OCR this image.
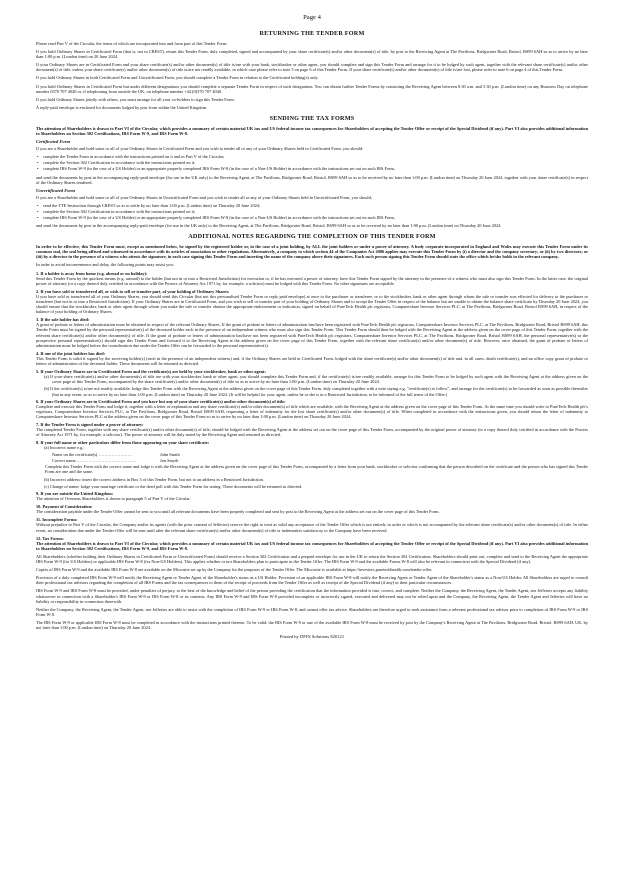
Page 4
RETURNING THE TENDER FORM

Please read Part V of the Circular, the terms of which are incorporated into and form part of this Tender Form.

If you hold Ordinary Shares in Certificated Form (that is, not in CREST), return this Tender Form, duly completed, signed and accompanied by your share certificate(s) and/or other document(s) of title, by post to the Receiving Agent at The Pavilions, Bridgwater Road, Bristol, BS99 6AH so as to arrive by no later than 1:00 p.m. (London time) on 20 June 2024.

If your Ordinary Shares are in Certificated Form and your share certificate(s) and/or other document(s) of title is/are with your bank, stockbroker or other agent, you should complete and sign this Tender Form and arrange for it to be lodged by such agent, together with the relevant share certificate(s) and/or other document(s) of title, unless your share certificate(s) and/or other document(s) of title is/are not readily available, in which case please refer to note 5 on page 6 of this Tender Form. If your share certificate(s) and/or other document(s) of title is/are lost, please refer to note 6 on page 4 of this Tender Form.

If you hold Ordinary Shares in both Certificated Form and Uncertificated Form, you should complete a Tender Form in relation to the Certificated holding(s) only.

If you hold Ordinary Shares in Certificated Form but under different designations you should complete a separate Tender Form in respect of each designation. You can obtain further Tender Forms by contacting the Receiving Agent between 8.30 a.m. and 5.30 p.m. (London time) on any Business Day on telephone number 0370 707 4040 or, if telephoning from outside the UK, on telephone number +44 (0)370 707 4040.

If you hold Ordinary Shares jointly with others, you must arrange for all your co-holders to sign this Tender Form.

A reply-paid envelope is enclosed for documents lodged by post from within the United Kingdom.

SENDING THE TAX FORMS

The attention of Shareholders is drawn to Part VI of the Circular, which provides a summary of certain material UK tax and US federal income tax consequences for Shareholders of accepting the Tender Offer or receipt of the Special Dividend (if any). Part VI also provides additional information to Shareholders on Section 302 Certifications, IRS Form W-9, and IRS Form W-8.

Certificated Form

If you are a Shareholder and hold some or all of your Ordinary Shares in Certificated Form and you wish to tender all or any of your Ordinary Shares held in Certificated Form, you should:

• complete the Tender Form in accordance with the instructions printed on it and in Part V of the Circular;
• complete the Section 302 Certification in accordance with the instructions printed on it;
• complete IRS Form W-9 (in the case of a US Holder) or an appropriate properly completed IRS Form W-8 (in the case of a Non-US Holder) in accordance with the instructions set out on such IRS Form,

and send the documents by post in the accompanying reply-paid envelope (for use in the UK only) to the Receiving Agent, at The Pavilions, Bridgwater Road, Bristol, BS99 6AH so as to be received by no later than 1:00 p.m. (London time) on Thursday 20 June 2024, together with your share certificate(s) in respect of the Ordinary Shares tendered.

Uncertificated Form

If you are a Shareholder and hold some or all of your Ordinary Shares in Uncertificated Form and you wish to tender all or any of your Ordinary Shares held in Uncertificated Form, you should;

• send the TTE Instruction through CREST so as to settle by no later than 1:00 p.m. (London time) on Thursday 20 June 2024;
• complete the Section 302 Certification in accordance with the instructions printed on it;
• complete IRS Form W-9 (in the case of a US Holder) or an appropriate properly completed IRS Form W-8 (in the case of a Non-US Holder) in accordance with the instructions set out on such IRS Form,

and send the documents by post in the accompanying reply-paid envelope (for use in the UK only) to the Receiving Agent, at The Pavilions, Bridgwater Road, Bristol, BS99 6AH so as to be received by no later than 1:00 p.m. (London time) on Thursday 20 June 2024.

ADDITIONAL NOTES REGARDING THE COMPLETION OF THIS TENDER FORM

In order to be effective, this Tender Form must, except as mentioned below, be signed by the registered holder or, in the case of a joint holding, by ALL the joint holders or under a power of attorney. A body corporate incorporated in England and Wales may execute this Tender Form under its common seal, the seal being affixed and witnessed in accordance with its articles of association or other regulations. Alternatively, a company to which section 44 of the Companies Act 2006 applies may execute this Tender Form by (i) a director and the company secretary; or (ii) by two directors; or (iii) by a director in the presence of a witness who attests the signature, in each case signing this Tender Form and inserting the name of the company above their signatures. Each such person signing this Tender Form should state the office which he/she holds in the relevant company.

In order to avoid inconvenience and delay, the following points may assist you:

1. If a holder is away from home (e.g. abroad or on holiday):

Send this Tender Form by the quickest means (e.g. airmail) to the holder (but not in or into a Restricted Jurisdiction) for execution or, if he has executed a power of attorney, have this Tender Form signed by the attorney in the presence of a witness who must also sign this Tender Form. In the latter case, the original power of attorney (or a copy thereof duly certified in accordance with the Powers of Attorney Act 1971 by, for example, a solicitor) must be lodged with this Tender Form. No other signatures are acceptable.

2. If you have sold or transferred all, or wish to sell or transfer part, of your holding of Ordinary Shares:

If you have sold or transferred all of your Ordinary Shares, you should send this Circular (but not this personalised Tender Form or reply paid envelope) at once to the purchaser or transferee, or to the stockbroker, bank or other agent through whom the sale or transfer was effected for delivery to the purchaser or transferee (but not in or into a Restricted Jurisdiction). If your Ordinary Shares are in Certificated Form, and you wish to sell or transfer part of your holding of Ordinary Shares and to accept the Tender Offer in respect of the balance but are unable to obtain the balance share certificate by Thursday 20 June 2024, you should ensure that the stockbroker, bank or other agent through whom you make the sale or transfer obtains the appropriate endorsement or indication, signed on behalf of PureTech Health plc registrars, Computershare Investor Services PLC, at The Pavilions, Bridgwater Road, Bristol BS99 6AH, in respect of the balance of your holding of Ordinary Shares.

3. If the sole holder has died:

A grant of probate or letters of administration must be obtained in respect of the relevant Ordinary Shares. If the grant of probate or letters of administration has/have been registered with PureTech Health plc registrars, Computershare Investor Services PLC, at The Pavilions, Bridgwater Road, Bristol BS99 6AH, this Tender Form must be signed by the personal representative(s) of the deceased holder each in the presence of an independent witness who must also sign this Tender Form. This Tender Form should then be lodged with the Receiving Agent at the address given on the cover page of this Tender Form, together with the relevant share certificate(s) and/or other document(s) of title. If the grant of probate or letters of administration has/have not been registered with PureTech Health plc registrars, Computershare Investor Services PLC, at The Pavilions, Bridgwater Road, Bristol BS99 6AH, the personal representative(s) or the prospective personal representative(s) should sign this Tender Form and forward it to the Receiving Agent at the address given on the cover page of this Tender Form, together with the relevant share certificate(s) and/or other document(s) of title. However, once obtained, the grant of probate or letters of administration must be lodged before the consideration due under the Tender Offer can be forwarded to the personal representative(s).

4. If one of the joint holders has died:

This Tender Form is valid if signed by the surviving holder(s) (each in the presence of an independent witness) and, if the Ordinary Shares are held in Certificated Form, lodged with the share certificate(s) and/or other document(s) of title and, in all cases, death certificate(s), and an office copy grant of probate or letters of administration of the deceased holder. These documents will be returned as directed.

5. If your Ordinary Shares are in Certificated Form and the certificate(s) are held by your stockbroker, bank or other agent:
(a) If your share certificate(s) and/or other document(s) of title are with your stockbroker, bank or other agent, you should complete this Tender Form and, if the certificate(s) is/are readily available, arrange for this Tender Form to be lodged by such agent with the Receiving Agent at the address given on the cover page of this Tender Form, accompanied by the share certificate(s) and/or other document(s) of title so as to arrive by no later than 1:00 p.m. (London time) on Thursday 20 June 2024.
(b) If the certificate(s) is/are not readily available, lodge this Tender Form with the Receiving Agent at the address given on the cover page of this Tender Form, duly completed together with a note saying e.g. "certificate(s) to follow", and arrange for the certificate(s) to be forwarded as soon as possible thereafter (but in any event, so as to arrive by no later than 1:00 p.m. (London time) on Thursday 20 June 2024. (It will be helpful for your agent, unless he or she is in a Restricted Jurisdiction, to be informed of the full terms of the Offer.)
6. If your Ordinary Shares are in Certificated Form and you have lost any of your share certificate(s) and/or other document(s) of title:

Complete and execute this Tender Form and lodge it, together with a letter of explanation and any share certificate(s) and/or other document(s) of title which are available, with the Receiving Agent at the address given on the cover page of this Tender Form. At the same time you should write to PureTech Health plc's registrars, Computershare Investor Services PLC, at The Pavilions, Bridgwater Road, Bristol BS99 6AH, requesting a letter of indemnity for the lost share certificate(s) and/or other document(s) of title. When completed in accordance with the instructions given, you should return the letter of indemnity to Computershare Investor Services PLC at the address given on the cover page of this Tender Form so as to arrive by no later than 1:00 p.m. (London time) on Thursday 20 June 2024.

7. If the Tender Form is signed under a power of attorney:

The completed Tender Form, together with any share certificate(s) and/or other document(s) of title, should be lodged with the Receiving Agent at the address set out on the cover page of this Tender Form, accompanied by the original power of attorney (or a copy thereof duly certified in accordance with the Powers of Attorney Act 1971 by, for example, a solicitor). The power of attorney will be duly noted by the Receiving Agent and returned as directed.

8. If your full name or other particulars differ from those appearing on your share certificate:
(a) Incorrect name e.g.:
Name on the certificate(s)……………………	John Smith
Correct name……………………………………	Jon Smyth

Complete this Tender Form with the correct name and lodge it with the Receiving Agent at the address given on the cover page of this Tender Form, accompanied by a letter from your bank, stockbroker or solicitor confirming that the person described on the certificate and the person who has signed this Tender Form are one and the same.

(b) Incorrect address: insert the correct address in Box 3 of this Tender Form, but not to an address in a Restricted Jurisdiction.
(c) Change of name: lodge your marriage certificate or the deed poll with this Tender Form for noting. These documents will be returned as directed.
9. If you are outside the United Kingdom:

The attention of Overseas Shareholders is drawn to paragraph 5 of Part V of the Circular.

10. Payment of Consideration:

The consideration payable under the Tender Offer cannot be sent to you until all relevant documents have been properly completed and sent by post to the Receiving Agent at the address set out on the cover page of this Tender Form.

11. Incomplete Forms:

Without prejudice to Part V of the Circular, the Company and/or its agents (with the prior consent of Jefferies) reserve the right to treat as valid any acceptance of the Tender Offer which is not entirely in order or which is not accompanied by the relevant share certificate(s) and/or other document(s) of title. In either event, no consideration due under the Tender Offer will be sent until after the relevant share certificate(s) and/or other document(s) of title or indemnities satisfactory to the Company have been received.

12. Tax Forms:

The attention of Shareholders is drawn to Part VI of the Circular, which provides a summary of certain material UK tax and US federal income tax consequences for Shareholders of accepting the Tender Offer or receipt of the Special Dividend (if any). Part VI also provides additional information to Shareholders on Section 302 Certifications, IRS Form W-9, and IRS Form W-8.

All Shareholders (whether holding their Ordinary Shares in Certificated Form or Uncertificated Form) should receive a Section 302 Certification and a prepaid envelope for use in the UK to return the Section 302 Certification. Shareholders should print out, complete and send to the Receiving Agent the appropriate IRS Form W-9 (for US Holders) or applicable IRS Form W-8 (for Non-US Holders). This applies whether or not Shareholders plan to participate in the Tender Offer. The IRS Form W-9 and the available Forms W-8 will also be relevant in connection with the Special Dividend (if any).

Copies of IRS Form W-9 and the available IRS Form W-8 are available on the Microsite set up by the Company for the purposes of the Tender Offer. The Microsite is available at https://investors.puretechhealth.com/tender-offer.

Provision of a duly completed IRS Form W-9 will notify the Receiving Agent or Tender Agent of the Shareholder's status as a US Holder. Provision of an applicable IRS Form W-8 will notify the Receiving Agent or Tender Agent of the Shareholder's status as a Non-US Holder. All Shareholders are urged to consult their professional tax advisors regarding the completion of all IRS Forms and the tax consequences to them of the receipt of proceeds from the Tender Offer as well as receipt of the Special Dividend (if any) in their particular circumstances.

IRS Form W-9 and IRS Form W-8 must be provided, under penalties of perjury, to the best of the knowledge and belief of the person providing the certification that the information provided is true, correct, and complete. Neither the Company, the Receiving Agent, the Tender Agent, nor Jefferies accepts any liability whatsoever in connection with a Shareholder's IRS Form W-9 or IRS Form W-8 or its contents. Any IRS Form W-9 and IRS Form W-8 provided incomplete or incorrectly signed, executed and delivered may not be relied upon and the Company, the Receiving Agent, the Tender Agent and Jefferies will have no liability or responsibility in connection therewith.

Neither the Company, the Receiving Agent, the Tender Agent, nor Jefferies are able to assist with the completion of IRS Form W-9 or IRS Form W-8, and cannot offer tax advice. Shareholders are therefore urged to seek assistance from a relevant professional tax advisor prior to completion of IRS Form W-9 or IRS Form W-8.

The IRS Form W-9 or applicable IRS Form W-8 must be completed in accordance with the instructions printed thereon. To be valid, the IRS Form W-9 or one of the available IRS Form W-8 must be received by post by the Company's Receiving Agent at The Pavilions, Bridgwater Road, Bristol, BS99 6AH, UK, by not later than 1:00 p.m. (London time) on Thursday 20 June 2024.

Printed by DFIN Solutions 820121
